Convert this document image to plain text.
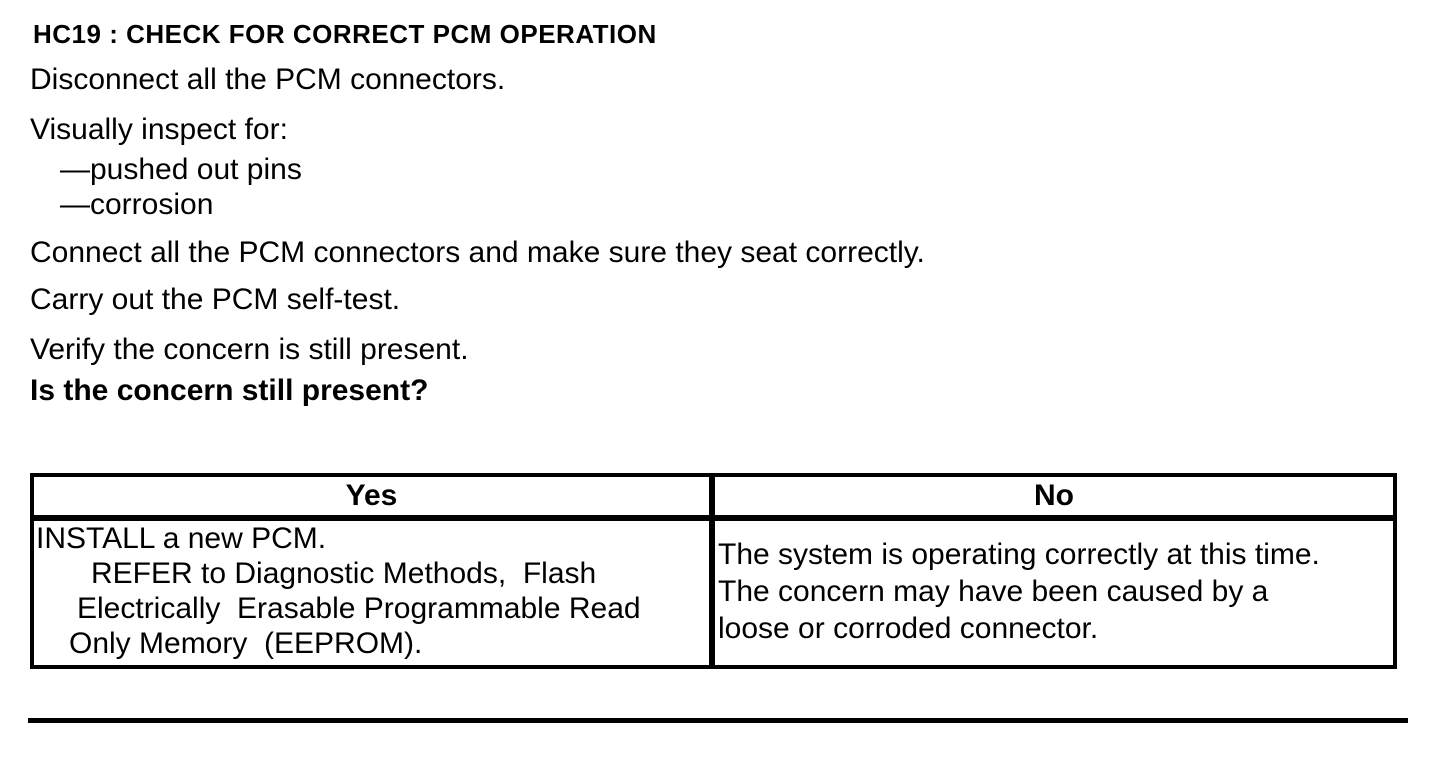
HC19 : CHECK FOR CORRECT PCM OPERATION
Disconnect all the PCM connectors.
Visually inspect for:
—pushed out pins
—corrosion
Connect all the PCM connectors and make sure they seat correctly.
Carry out the PCM self-test.
Verify the concern is still present.
Is the concern still present?
Yes	No
INSTALL a new PCM.
REFER to Diagnostic Methods,  Flash
Electrically  Erasable Programmable Read
Only Memory  (EEPROM).
The system is operating correctly at this time.
The concern may have been caused by a
loose or corroded connector.
